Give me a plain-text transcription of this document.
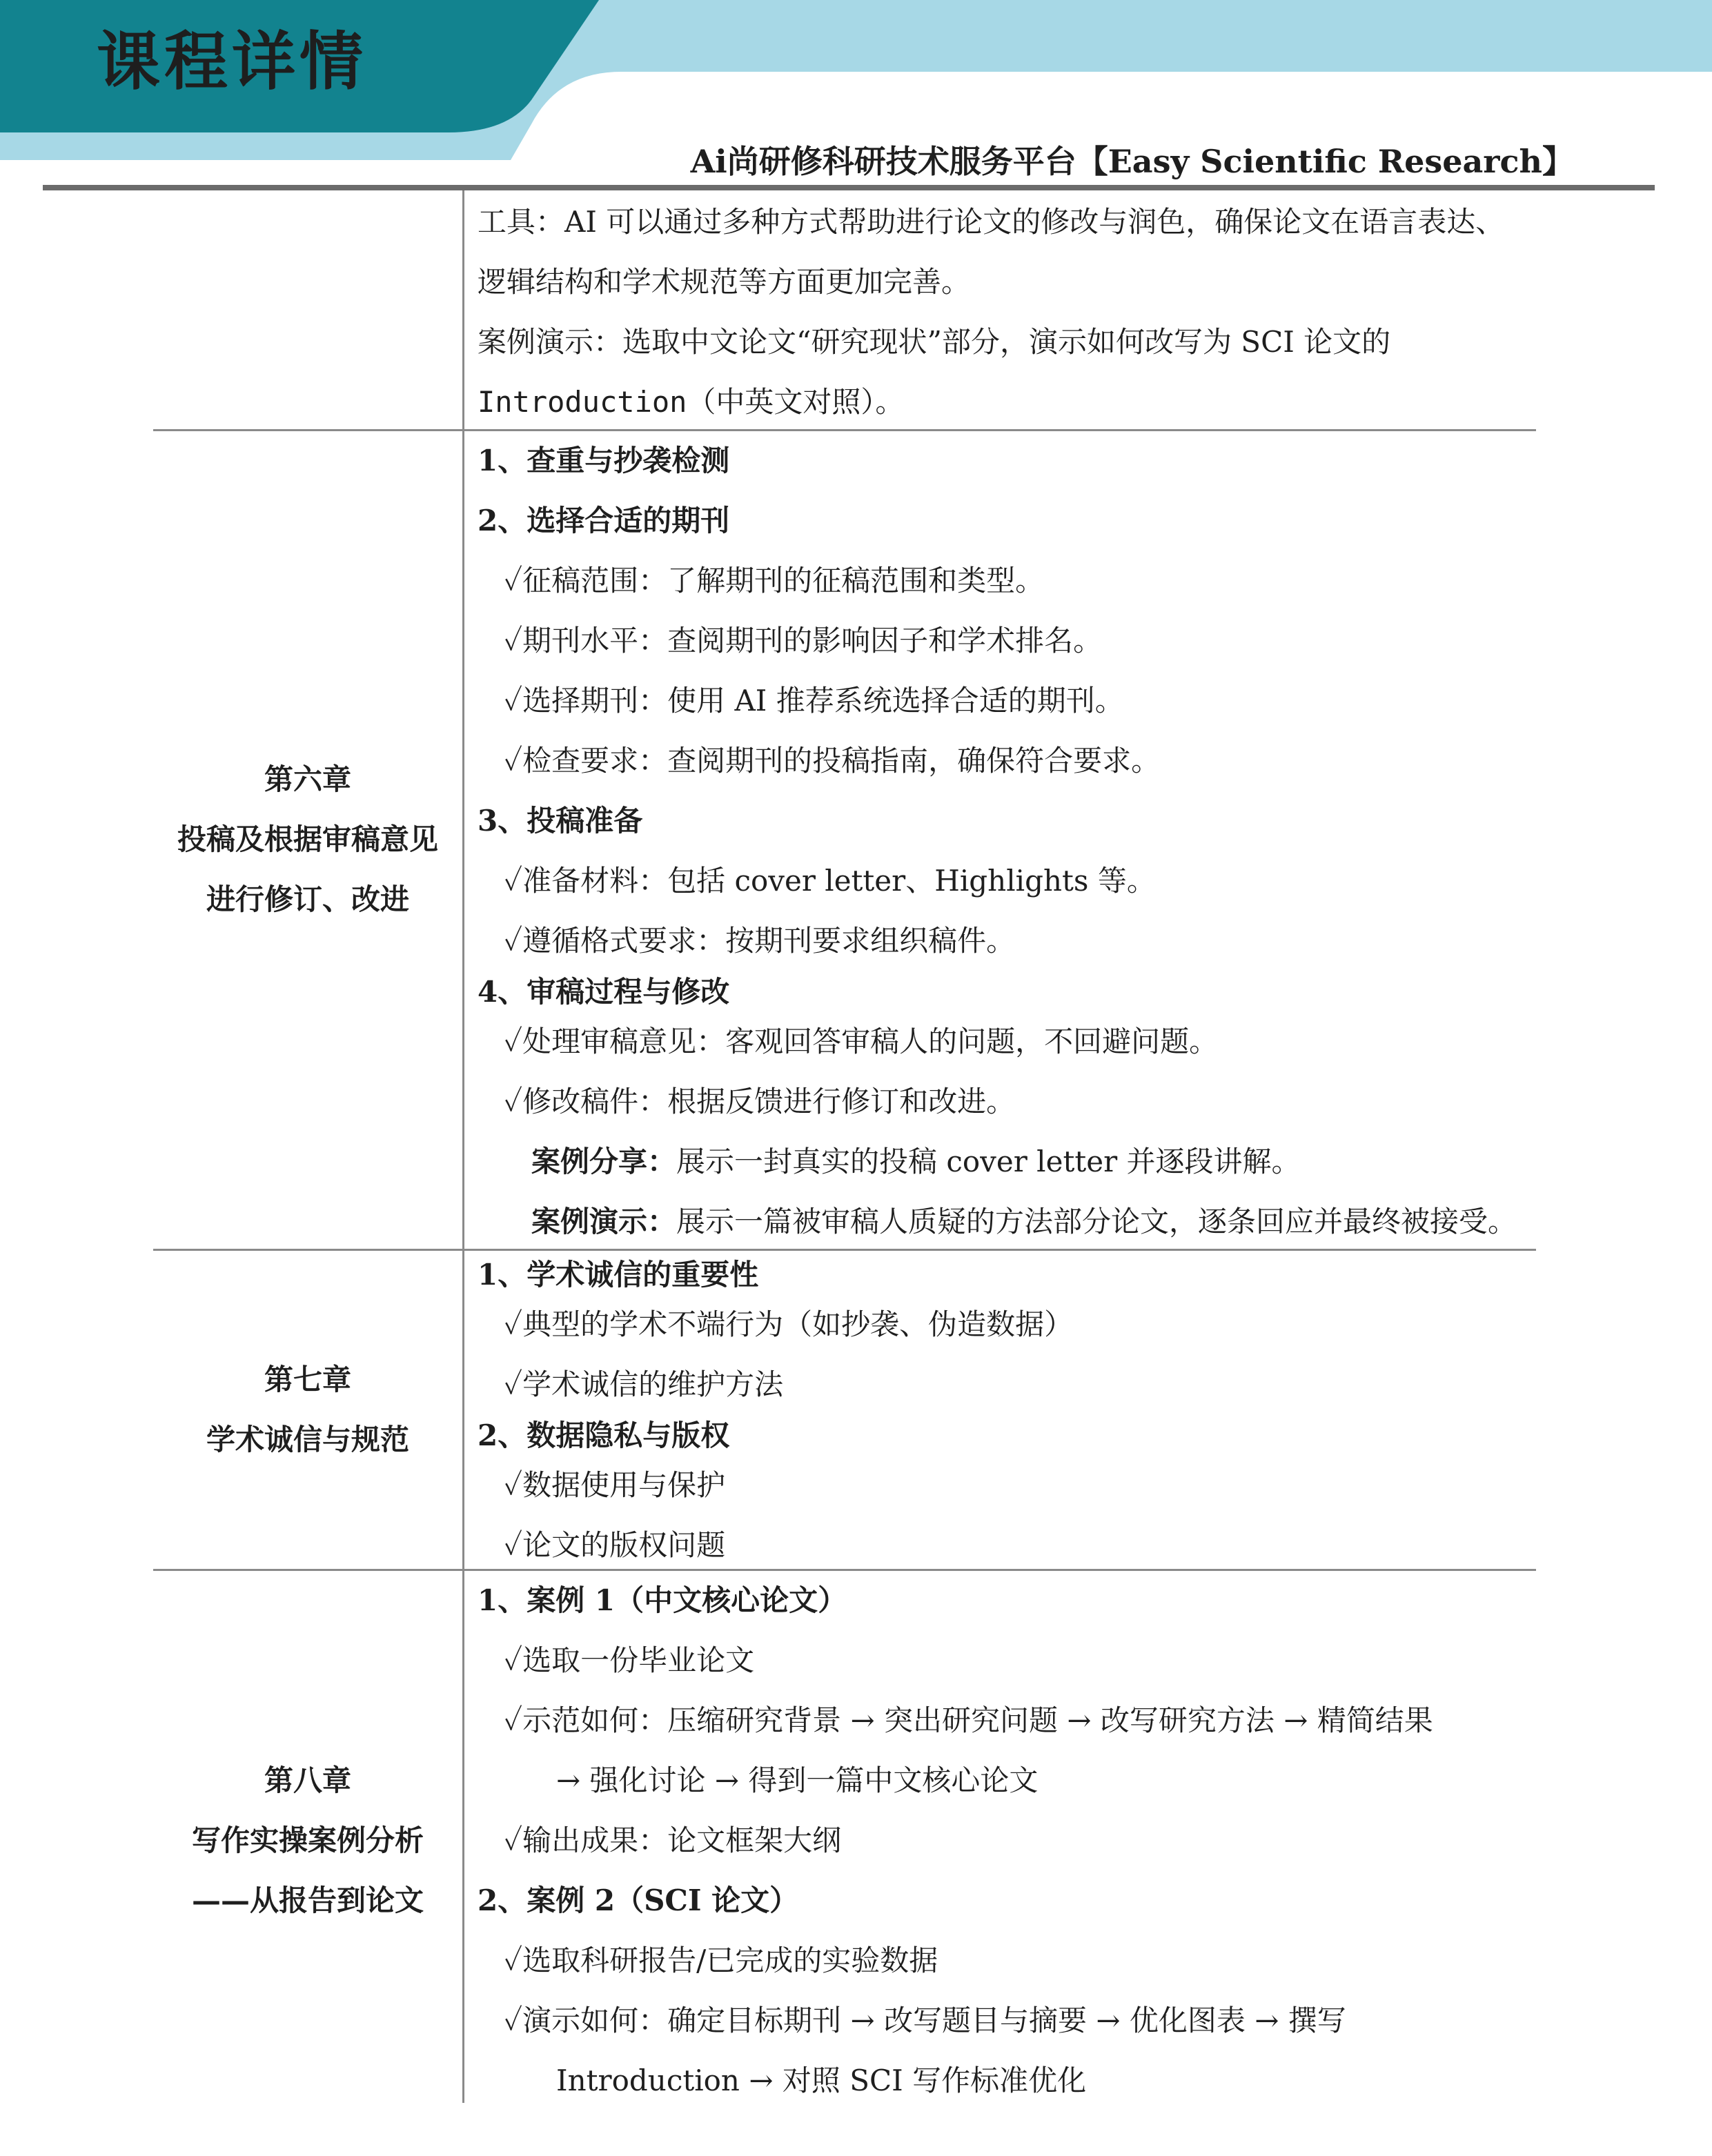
课程详情
Ai尚研修科研技术服务平台【Easy Scientific Research】
工具：AI 可以通过多种方式帮助进行论文的修改与润色，确保论文在语言表达、
逻辑结构和学术规范等方面更加完善。
案例演示：选取中文论文“研究现状”部分，演示如何改写为 SCI 论文的
Introduction（中英文对照）。
第六章
投稿及根据审稿意见
进行修订、改进
1、查重与抄袭检测
2、选择合适的期刊
✓征稿范围：了解期刊的征稿范围和类型。
✓期刊水平：查阅期刊的影响因子和学术排名。
✓选择期刊：使用 AI 推荐系统选择合适的期刊。
✓检查要求：查阅期刊的投稿指南，确保符合要求。
3、投稿准备
✓准备材料：包括 cover letter、Highlights 等。
✓遵循格式要求：按期刊要求组织稿件。
4、审稿过程与修改
✓处理审稿意见：客观回答审稿人的问题，不回避问题。
✓修改稿件：根据反馈进行修订和改进。
案例分享：展示一封真实的投稿 cover letter 并逐段讲解。
案例演示：展示一篇被审稿人质疑的方法部分论文，逐条回应并最终被接受。
第七章
学术诚信与规范
1、学术诚信的重要性
✓典型的学术不端行为（如抄袭、伪造数据）
✓学术诚信的维护方法
2、数据隐私与版权
✓数据使用与保护
✓论文的版权问题
第八章
写作实操案例分析
——从报告到论文
1、案例 1（中文核心论文）
✓选取一份毕业论文
✓示范如何：压缩研究背景 → 突出研究问题 → 改写研究方法 → 精简结果
→ 强化讨论 → 得到一篇中文核心论文
✓输出成果：论文框架大纲
2、案例 2（SCI 论文）
✓选取科研报告/已完成的实验数据
✓演示如何：确定目标期刊 → 改写题目与摘要 → 优化图表 → 撰写
Introduction → 对照 SCI 写作标准优化
